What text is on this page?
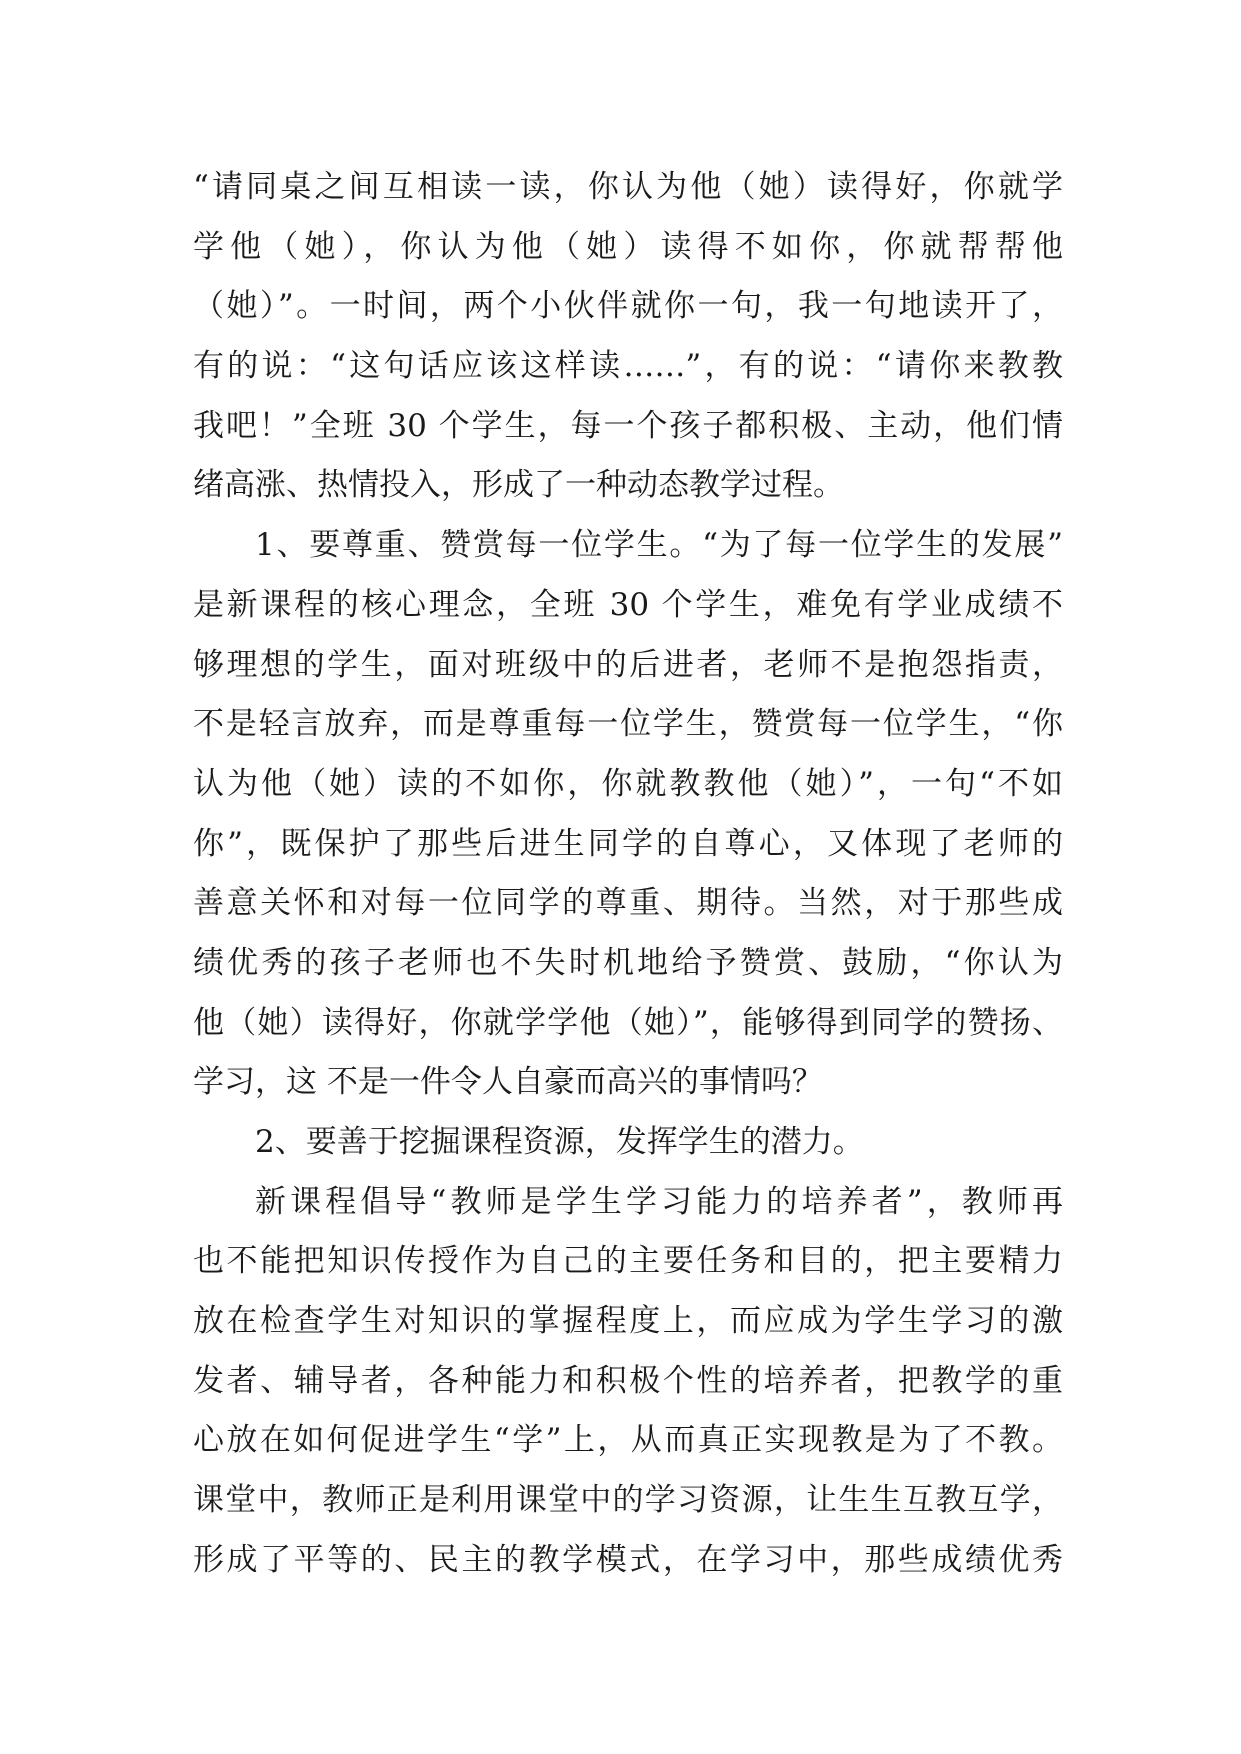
“请同桌之间互相读一读，你认为他（她）读得好，你就学
学他（她），你认为他（她）读得不如你，你就帮帮他
（她）”。一时间，两个小伙伴就你一句，我一句地读开了，
有的说：“这句话应该这样读……”，有的说：“请你来教教
我吧！”全班 30 个学生，每一个孩子都积极、主动，他们情
绪高涨、热情投入，形成了一种动态教学过程。
1、要尊重、赞赏每一位学生。“为了每一位学生的发展”
是新课程的核心理念，全班 30 个学生，难免有学业成绩不
够理想的学生，面对班级中的后进者，老师不是抱怨指责，
不是轻言放弃，而是尊重每一位学生，赞赏每一位学生，“你
认为他（她）读的不如你，你就教教他（她）”，一句“不如
你”，既保护了那些后进生同学的自尊心，又体现了老师的
善意关怀和对每一位同学的尊重、期待。当然，对于那些成
绩优秀的孩子老师也不失时机地给予赞赏、鼓励，“你认为
他（她）读得好，你就学学他（她）”，能够得到同学的赞扬、
学习，这 不是一件令人自豪而高兴的事情吗？
2、要善于挖掘课程资源，发挥学生的潜力。
新课程倡导“教师是学生学习能力的培养者”，教师再
也不能把知识传授作为自己的主要任务和目的，把主要精力
放在检查学生对知识的掌握程度上，而应成为学生学习的激
发者、辅导者，各种能力和积极个性的培养者，把教学的重
心放在如何促进学生“学”上，从而真正实现教是为了不教。
课堂中，教师正是利用课堂中的学习资源，让生生互教互学，
形成了平等的、民主的教学模式，在学习中，那些成绩优秀
